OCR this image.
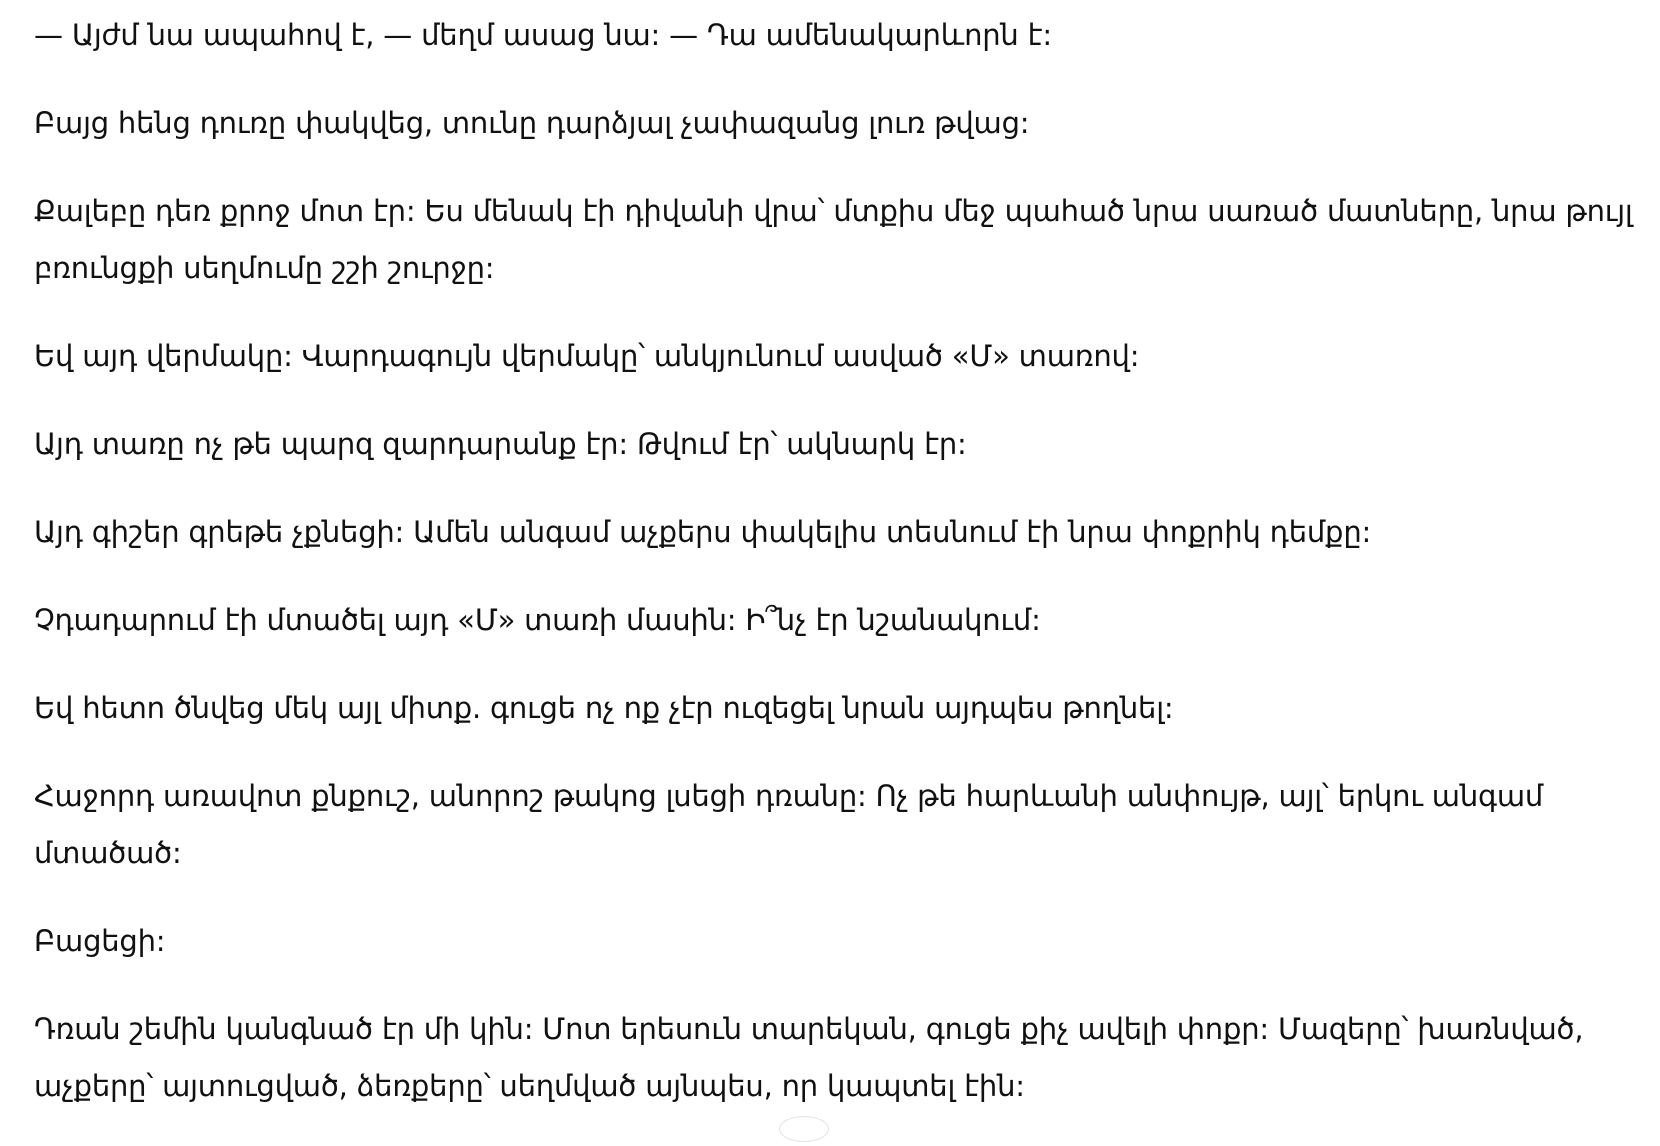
— Այժմ նա ապահով է, — մեղմ ասաց նա: — Դա ամենակարևորն է:

Բայց հենց դուռը փակվեց, տունը դարձյալ չափազանց լուռ թվաց:

Քալեբը դեռ քրոջ մոտ էր: Ես մենակ էի դիվանի վրա՝ մտքիս մեջ պահած նրա սառած մատները, նրա թույլ բռունցքի սեղմումը շշի շուրջը:

Եվ այդ վերմակը: Վարդագույն վերմակը՝ անկյունում ասված «Մ» տառով:

Այդ տառը ոչ թե պարզ զարդարանք էր: Թվում էր՝ ակնարկ էր:

Այդ գիշեր գրեթե չքնեցի: Ամեն անգամ աչքերս փակելիս տեսնում էի նրա փոքրիկ դեմքը:

Չդադարում էի մտածել այդ «Մ» տառի մասին: Ի՞նչ էր նշանակում:

Եվ հետո ծնվեց մեկ այլ միտք. գուցե ոչ ոք չէր ուզեցել նրան այդպես թողնել:

Հաջորդ առավոտ քնքուշ, անորոշ թակոց լսեցի դռանը: Ոչ թե հարևանի անփույթ, այլ՝ երկու անգամ մտածած:

Բացեցի:

Դռան շեմին կանգնած էր մի կին: Մոտ երեսուն տարեկան, գուցե քիչ ավելի փոքր: Մազերը՝ խառնված, աչքերը՝ այտուցված, ձեռքերը՝ սեղմված այնպես, որ կապտել էին:
